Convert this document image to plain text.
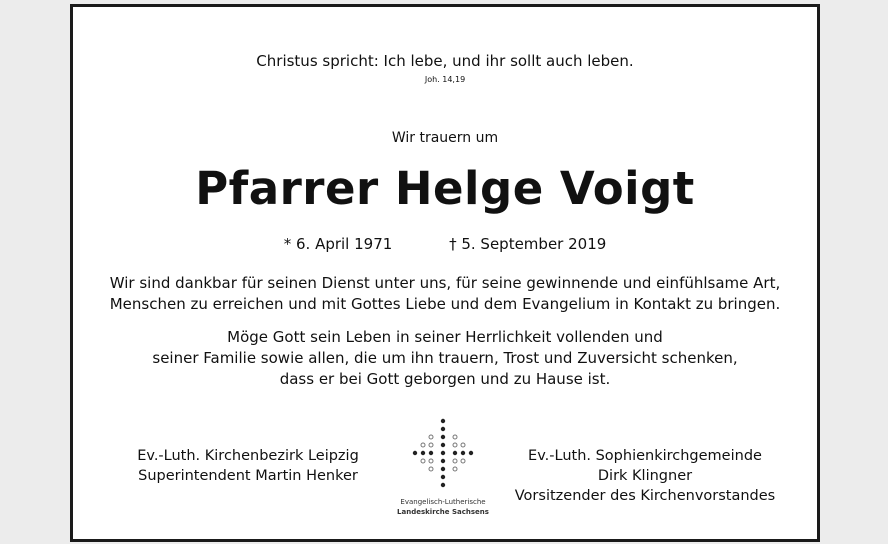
Christus spricht: Ich lebe, und ihr sollt auch leben.
Joh. 14,19
Wir trauern um
Pfarrer Helge Voigt
* 6. April 1971	† 5. September 2019
Wir sind dankbar für seinen Dienst unter uns, für seine gewinnende und einfühlsame Art,
Menschen zu erreichen und mit Gottes Liebe und dem Evangelium in Kontakt zu bringen.
Möge Gott sein Leben in seiner Herrlichkeit vollenden und
seiner Familie sowie allen, die um ihn trauern, Trost und Zuversicht schenken,
dass er bei Gott geborgen und zu Hause ist.
Ev.-Luth. Kirchenbezirk Leipzig
Superintendent Martin Henker
Evangelisch-Lutherische
Landeskirche Sachsens
Ev.-Luth. Sophienkirchgemeinde
Dirk Klingner
Vorsitzender des Kirchenvorstandes
